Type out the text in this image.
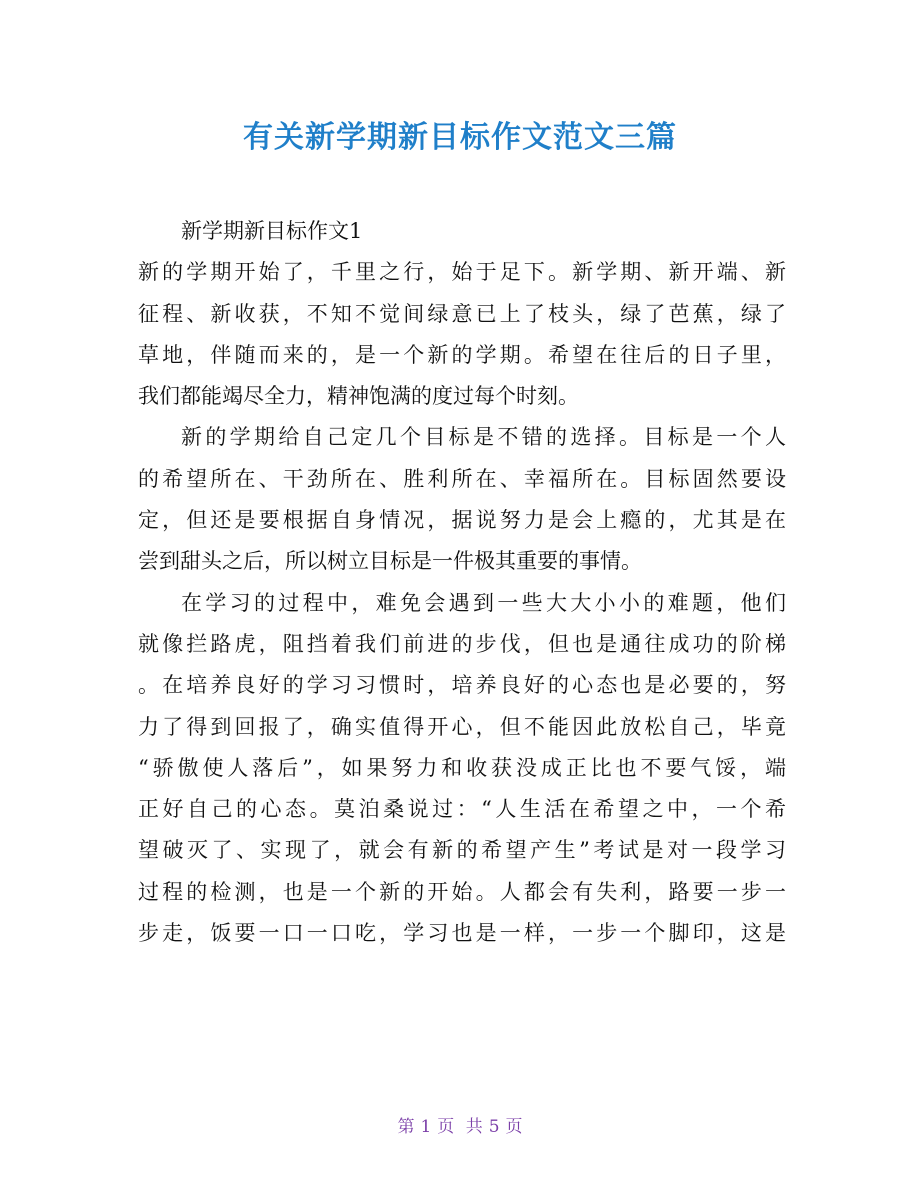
有关新学期新目标作文范文三篇
新学期新目标作文1
新的学期开始了，千里之行，始于足下。新学期、新开端、新
征程、新收获，不知不觉间绿意已上了枝头，绿了芭蕉，绿了
草地，伴随而来的，是一个新的学期。希望在往后的日子里，
我们都能竭尽全力，精神饱满的度过每个时刻。
新的学期给自己定几个目标是不错的选择。目标是一个人
的希望所在、干劲所在、胜利所在、幸福所在。目标固然要设
定，但还是要根据自身情况，据说努力是会上瘾的，尤其是在
尝到甜头之后，所以树立目标是一件极其重要的事情。
在学习的过程中，难免会遇到一些大大小小的难题，他们
就像拦路虎，阻挡着我们前进的步伐，但也是通往成功的阶梯
。在培养良好的学习习惯时，培养良好的心态也是必要的，努
力了得到回报了，确实值得开心，但不能因此放松自己，毕竟
“骄傲使人落后”，如果努力和收获没成正比也不要气馁，端
正好自己的心态。莫泊桑说过：“人生活在希望之中，一个希
望破灭了、实现了，就会有新的希望产生”考试是对一段学习
过程的检测，也是一个新的开始。人都会有失利，路要一步一
步走，饭要一口一口吃，学习也是一样，一步一个脚印，这是
第 1 页 共 5 页
